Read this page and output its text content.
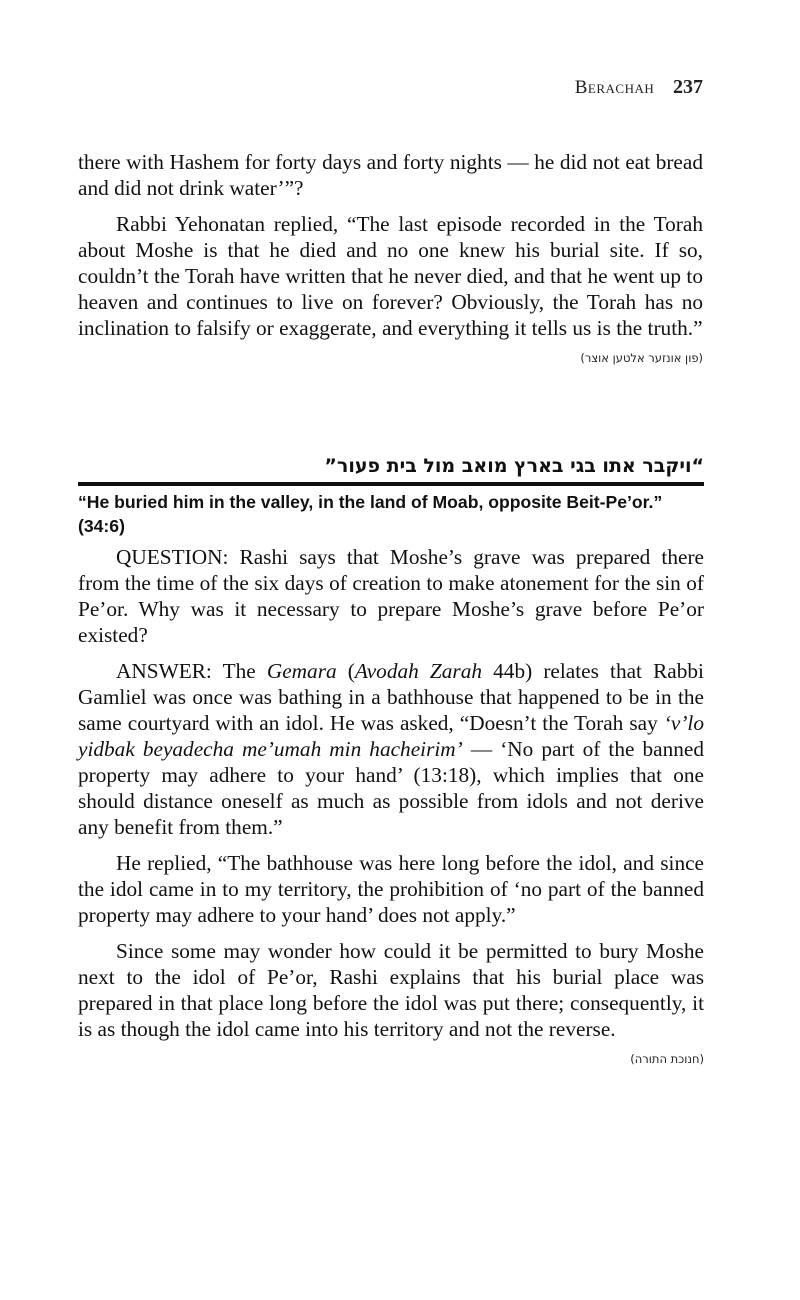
Berachah 237

there with Hashem for forty days and forty nights — he did not eat bread and did not drink water’”?

Rabbi Yehonatan replied, “The last episode recorded in the Torah about Moshe is that he died and no one knew his burial site. If so, couldn’t the Torah have written that he never died, and that he went up to heaven and continues to live on forever? Obviously, the Torah has no inclination to falsify or exaggerate, and everything it tells us is the truth.”

(פון אונזער אלטען אוצר)

“ויקבר אתו בגי בארץ מואב מול בית פעור”

“He buried him in the valley, in the land of Moab, opposite Beit-Pe’or.” (34:6)

QUESTION: Rashi says that Moshe’s grave was prepared there from the time of the six days of creation to make atonement for the sin of Pe’or. Why was it necessary to prepare Moshe’s grave before Pe’or existed?

ANSWER: The Gemara (Avodah Zarah 44b) relates that Rabbi Gamliel was once was bathing in a bathhouse that happened to be in the same courtyard with an idol. He was asked, “Doesn’t the Torah say ‘v’lo yidbak beyadecha me’umah min hacheirim’ — ‘No part of the banned property may adhere to your hand’ (13:18), which implies that one should distance oneself as much as possible from idols and not derive any benefit from them.”

He replied, “The bathhouse was here long before the idol, and since the idol came in to my territory, the prohibition of ‘no part of the banned property may adhere to your hand’ does not apply.”

Since some may wonder how could it be permitted to bury Moshe next to the idol of Pe’or, Rashi explains that his burial place was prepared in that place long before the idol was put there; consequently, it is as though the idol came into his territory and not the reverse.

(חנוכת התורה)
